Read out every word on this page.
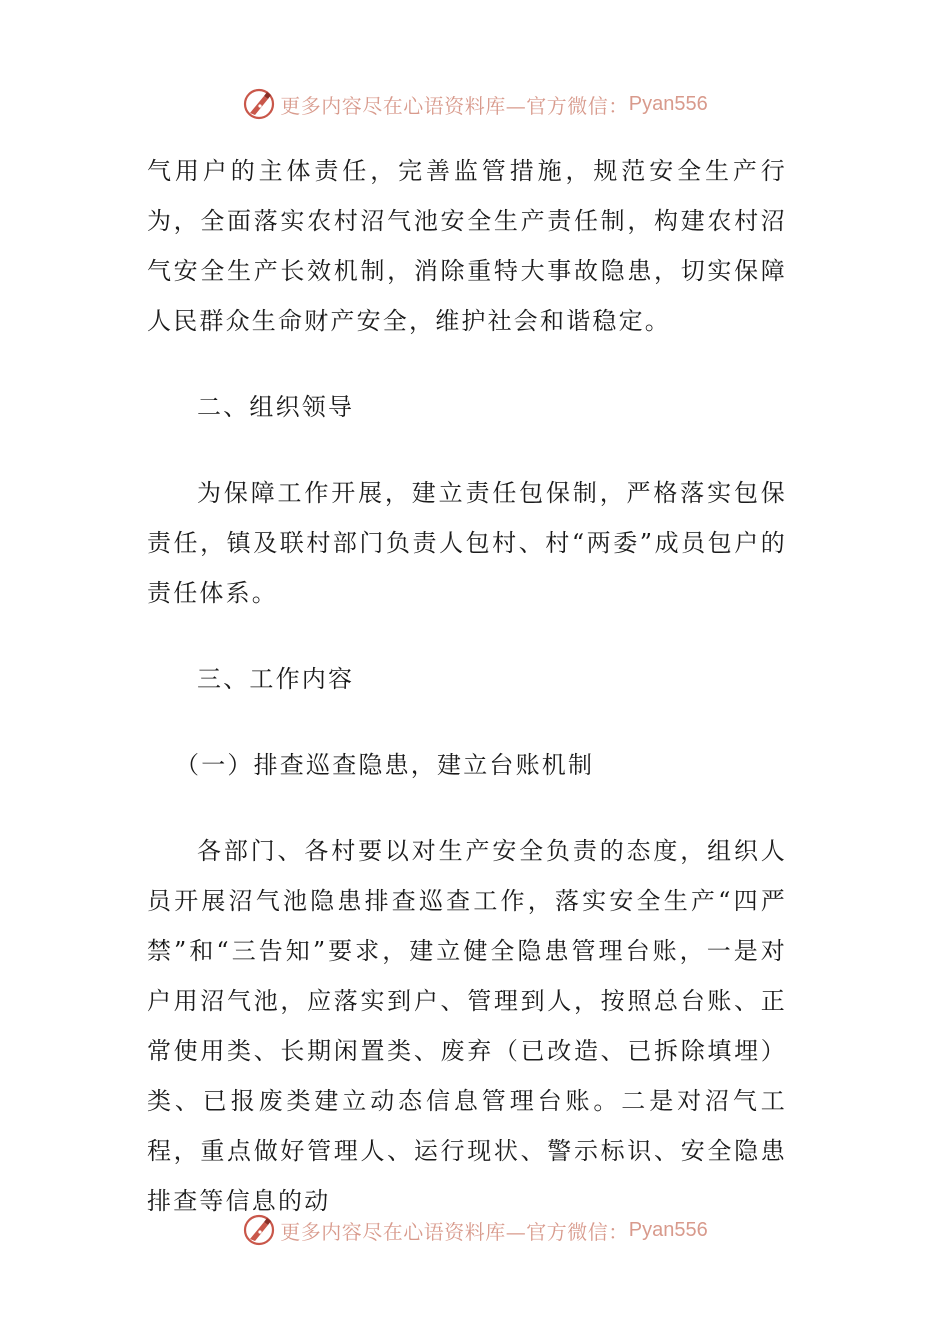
更多内容尽在心语资料库—官方微信： Pyan556

气用户的主体责任，完善监管措施，规范安全生产行为，全面落实农村沼气池安全生产责任制，构建农村沼气安全生产长效机制，消除重特大事故隐患，切实保障人民群众生命财产安全，维护社会和谐稳定。

二、组织领导

为保障工作开展，建立责任包保制，严格落实包保责任，镇及联村部门负责人包村、村“两委”成员包户的责任体系。

三、工作内容

（一）排查巡查隐患，建立台账机制

各部门、各村要以对生产安全负责的态度，组织人员开展沼气池隐患排查巡查工作，落实安全生产“四严禁”和“三告知”要求，建立健全隐患管理台账，一是对户用沼气池，应落实到户、管理到人，按照总台账、正常使用类、长期闲置类、废弃（已改造、已拆除填埋）类、已报废类建立动态信息管理台账。二是对沼气工程，重点做好管理人、运行现状、警示标识、安全隐患排查等信息的动

更多内容尽在心语资料库—官方微信： Pyan556
